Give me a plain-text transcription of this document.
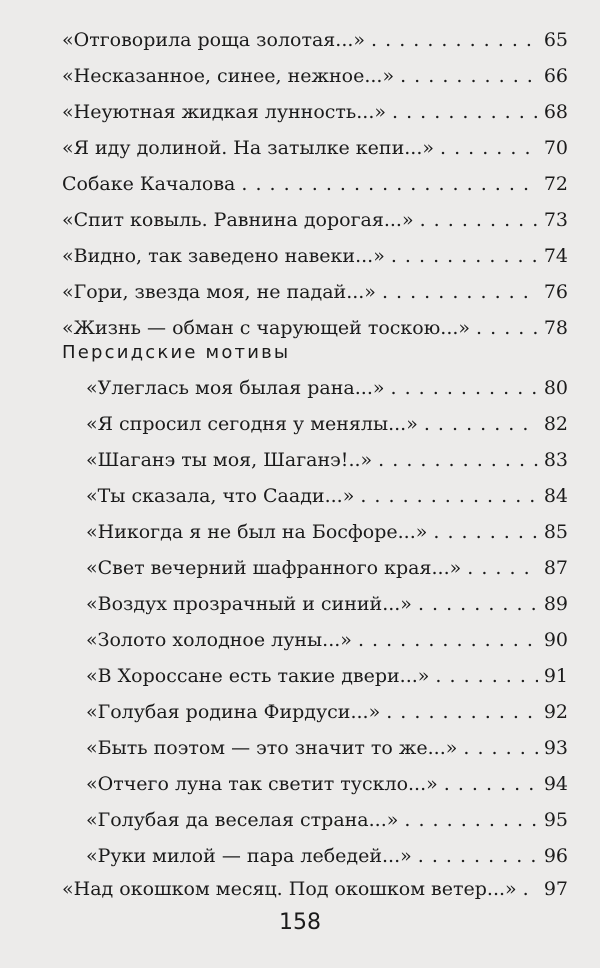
«Отговорила роща золотая...» . . .	65
«Несказанное, синее, нежное...» . . .	66
«Неуютная жидкая лунность...» . . .	68
«Я иду долиной. На затылке кепи...» . . .	70
Собаке Качалова . . .	72
«Спит ковыль. Равнина дорогая...» . . .	73
«Видно, так заведено навеки...» . . .	74
«Гори, звезда моя, не падай...» . . .	76
«Жизнь — обман с чарующей тоскою...» . . .	78
Персидские мотивы
«Улеглась моя былая рана...» . . .	80
«Я спросил сегодня у менялы...» . . .	82
«Шаганэ ты моя, Шаганэ!..» . . .	83
«Ты сказала, что Саади...» . . .	84
«Никогда я не был на Босфоре...» . . .	85
«Свет вечерний шафранного края...» . . .	87
«Воздух прозрачный и синий...» . . .	89
«Золото холодное луны...» . . .	90
«В Хороссане есть такие двери...» . . .	91
«Голубая родина Фирдуси...» . . .	92
«Быть поэтом — это значит то же...» . . .	93
«Отчего луна так светит тускло...» . . .	94
«Голубая да веселая страна...» . . .	95
«Руки милой — пара лебедей...» . . .	96
«Над окошком месяц. Под окошком ветер...» . . .	97
158
